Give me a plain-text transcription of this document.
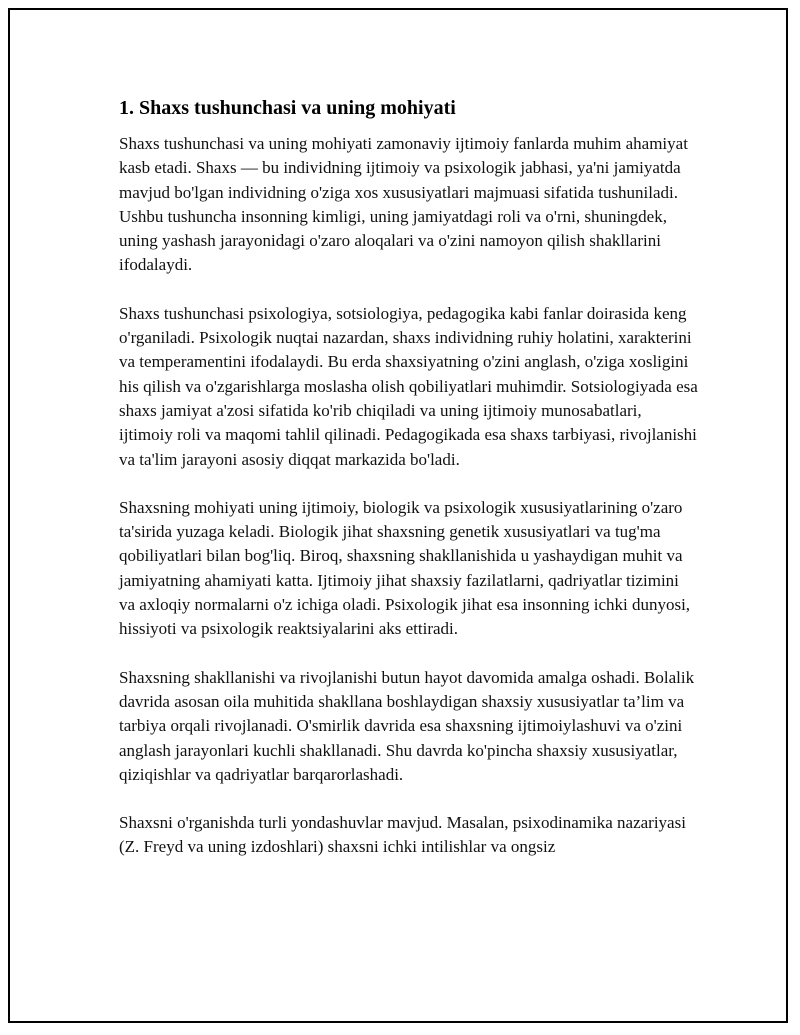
1. Shaxs tushunchasi va uning mohiyati

Shaxs tushunchasi va uning mohiyati zamonaviy ijtimoiy fanlarda muhim ahamiyat kasb etadi. Shaxs — bu individning ijtimoiy va psixologik jabhasi, ya'ni jamiyatda mavjud bo'lgan individning o'ziga xos xususiyatlari majmuasi sifatida tushuniladi. Ushbu tushuncha insonning kimligi, uning jamiyatdagi roli va o'rni, shuningdek, uning yashash jarayonidagi o'zaro aloqalari va o'zini namoyon qilish shakllarini ifodalaydi.

Shaxs tushunchasi psixologiya, sotsiologiya, pedagogika kabi fanlar doirasida keng o'rganiladi. Psixologik nuqtai nazardan, shaxs individning ruhiy holatini, xarakterini va temperamentini ifodalaydi. Bu erda shaxsiyatning o'zini anglash, o'ziga xosligini his qilish va o'zgarishlarga moslasha olish qobiliyatlari muhimdir. Sotsiologiyada esa shaxs jamiyat a'zosi sifatida ko'rib chiqiladi va uning ijtimoiy munosabatlari, ijtimoiy roli va maqomi tahlil qilinadi. Pedagogikada esa shaxs tarbiyasi, rivojlanishi va ta'lim jarayoni asosiy diqqat markazida bo'ladi.

Shaxsning mohiyati uning ijtimoiy, biologik va psixologik xususiyatlarining o'zaro ta'sirida yuzaga keladi. Biologik jihat shaxsning genetik xususiyatlari va tug'ma qobiliyatlari bilan bog'liq. Biroq, shaxsning shakllanishida u yashaydigan muhit va jamiyatning ahamiyati katta. Ijtimoiy jihat shaxsiy fazilatlarni, qadriyatlar tizimini va axloqiy normalarni o'z ichiga oladi. Psixologik jihat esa insonning ichki dunyosi, hissiyoti va psixologik reaktsiyalarini aks ettiradi.

Shaxsning shakllanishi va rivojlanishi butun hayot davomida amalga oshadi. Bolalik davrida asosan oila muhitida shakllana boshlaydigan shaxsiy xususiyatlar ta’lim va tarbiya orqali rivojlanadi. O'smirlik davrida esa shaxsning ijtimoiylashuvi va o'zini anglash jarayonlari kuchli shakllanadi. Shu davrda ko'pincha shaxsiy xususiyatlar, qiziqishlar va qadriyatlar barqarorlashadi.

Shaxsni o'rganishda turli yondashuvlar mavjud. Masalan, psixodinamika nazariyasi (Z. Freyd va uning izdoshlari) shaxsni ichki intilishlar va ongsiz
